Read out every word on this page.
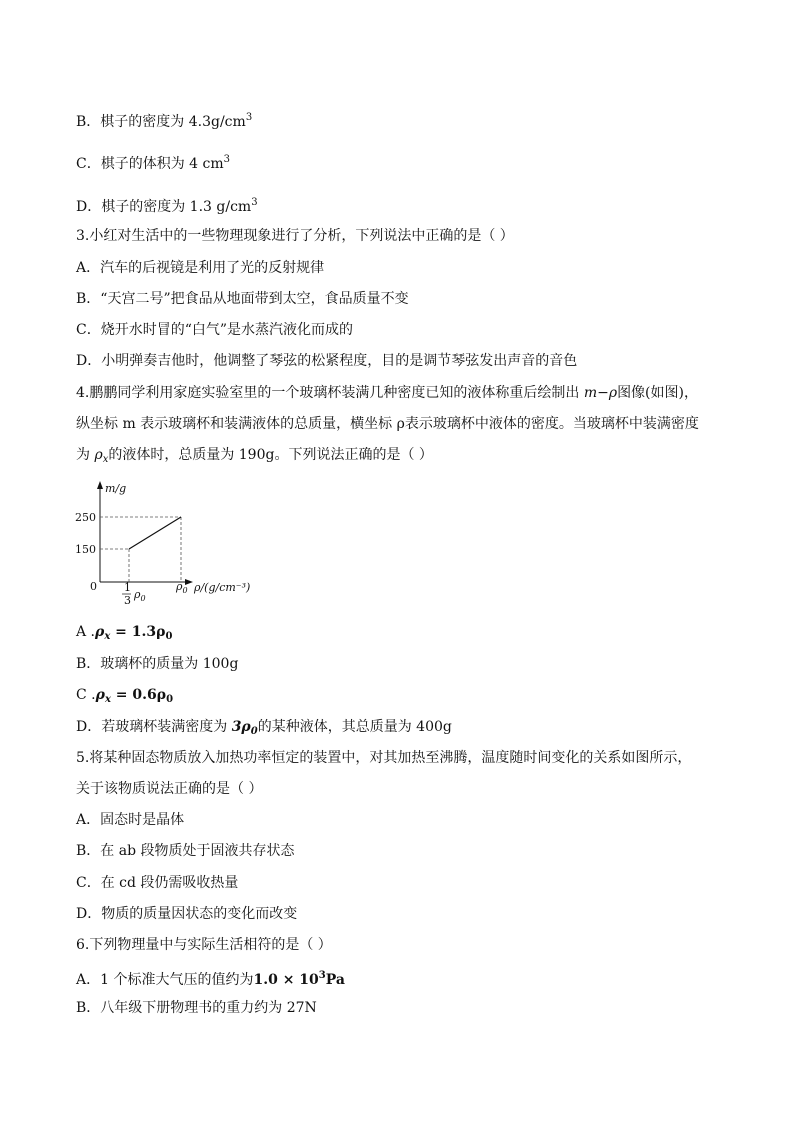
B．棋子的密度为 $4.3g/cm^3$
C．棋子的体积为 4 $cm^3$
D．棋子的密度为 1.3 $g/cm^3$
3.小红对生活中的一些物理现象进行了分析，下列说法中正确的是（ ）
A．汽车的后视镜是利用了光的反射规律
B．“天宫二号”把食品从地面带到太空，食品质量不变
C．烧开水时冒的“白气”是水蒸汽液化而成的
D．小明弹奏吉他时，他调整了琴弦的松紧程度，目的是调节琴弦发出声音的音色
4.鹏鹏同学利用家庭实验室里的一个玻璃杯装满几种密度已知的液体称重后绘制出 m−ρ图像(如图)，
纵坐标 m 表示玻璃杯和装满液体的总质量，横坐标 ρ表示玻璃杯中液体的密度。当玻璃杯中装满密度
为 $\rho_x$的液体时，总质量为 190g。下列说法正确的是（ ）
m/g
250
150
0 1
3 $\rho_0$
$\rho_0$ ρ/(g/cm⁻³)
A $.\rho_x = 1.3\rho_0$
B．玻璃杯的质量为 100g
C $.\rho_x = 0.6\rho_0$
D．若玻璃杯装满密度为 $3\rho_0$的某种液体，其总质量为 400g
5.将某种固态物质放入加热功率恒定的装置中，对其加热至沸腾，温度随时间变化的关系如图所示，
关于该物质说法正确的是（ ）
A．固态时是晶体
B．在 ab 段物质处于固液共存状态
C．在 cd 段仍需吸收热量
D．物质的质量因状态的变化而改变
6.下列物理量中与实际生活相符的是（ ）
A．1 个标准大气压的值约为$1.0 \times 10^3Pa$
B．八年级下册物理书的重力约为 27N
